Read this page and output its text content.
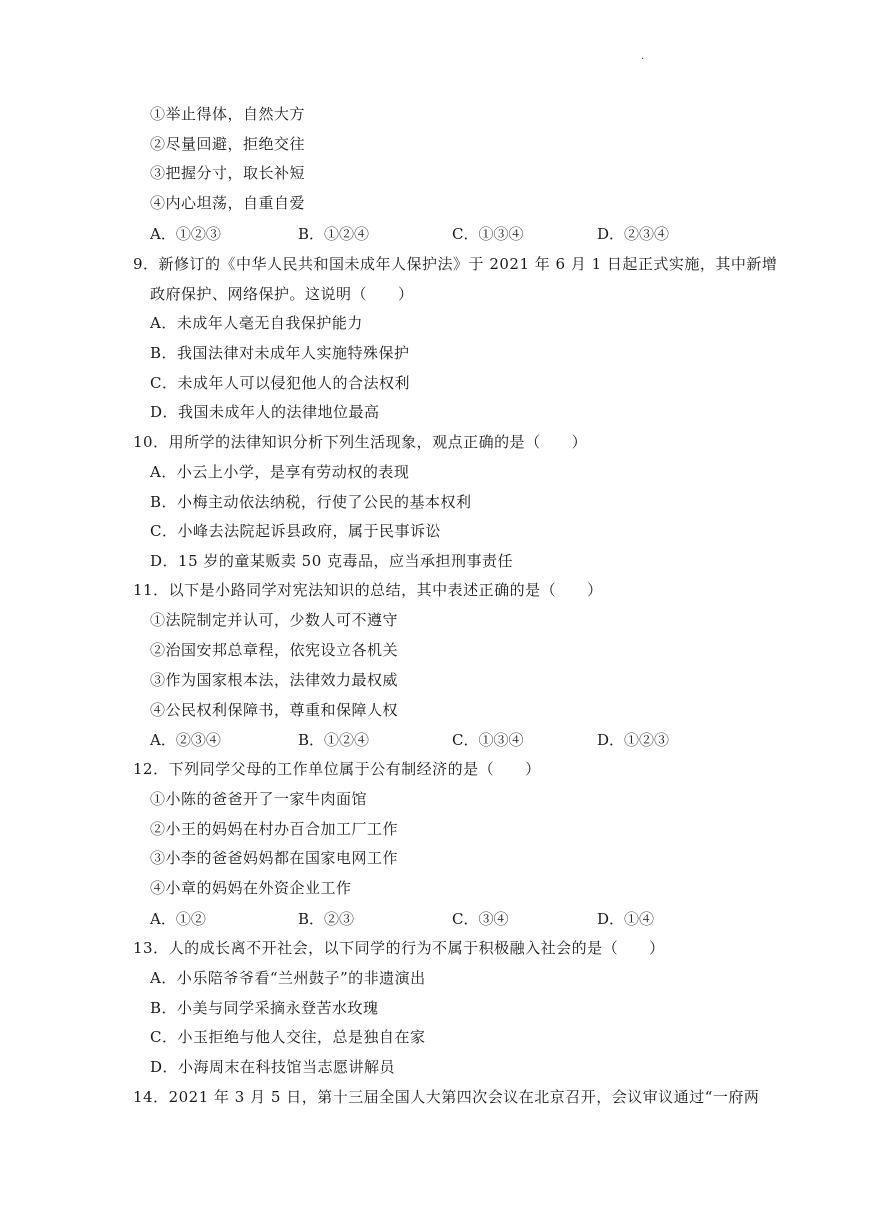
.
①举止得体，自然大方
②尽量回避，拒绝交往
③把握分寸，取长补短
④内心坦荡，自重自爱
A．①②③	B．①②④	C．①③④	D．②③④
9．新修订的《中华人民共和国未成年人保护法》于 2021 年 6 月 1 日起正式实施，其中新增
政府保护、网络保护。这说明（　　）
A．未成年人毫无自我保护能力
B．我国法律对未成年人实施特殊保护
C．未成年人可以侵犯他人的合法权利
D．我国未成年人的法律地位最高
10．用所学的法律知识分析下列生活现象，观点正确的是（　　）
A．小云上小学，是享有劳动权的表现
B．小梅主动依法纳税，行使了公民的基本权利
C．小峰去法院起诉县政府，属于民事诉讼
D．15 岁的童某贩卖 50 克毒品，应当承担刑事责任
11．以下是小路同学对宪法知识的总结，其中表述正确的是（　　）
①法院制定并认可，少数人可不遵守
②治国安邦总章程，依宪设立各机关
③作为国家根本法，法律效力最权威
④公民权利保障书，尊重和保障人权
A．②③④	B．①②④	C．①③④	D．①②③
12．下列同学父母的工作单位属于公有制经济的是（　　）
①小陈的爸爸开了一家牛肉面馆
②小王的妈妈在村办百合加工厂工作
③小李的爸爸妈妈都在国家电网工作
④小章的妈妈在外资企业工作
A．①②	B．②③	C．③④	D．①④
13．人的成长离不开社会，以下同学的行为不属于积极融入社会的是（　　）
A．小乐陪爷爷看“兰州鼓子”的非遗演出
B．小美与同学采摘永登苦水玫瑰
C．小玉拒绝与他人交往，总是独自在家
D．小海周末在科技馆当志愿讲解员
14．2021 年 3 月 5 日，第十三届全国人大第四次会议在北京召开，会议审议通过“一府两
